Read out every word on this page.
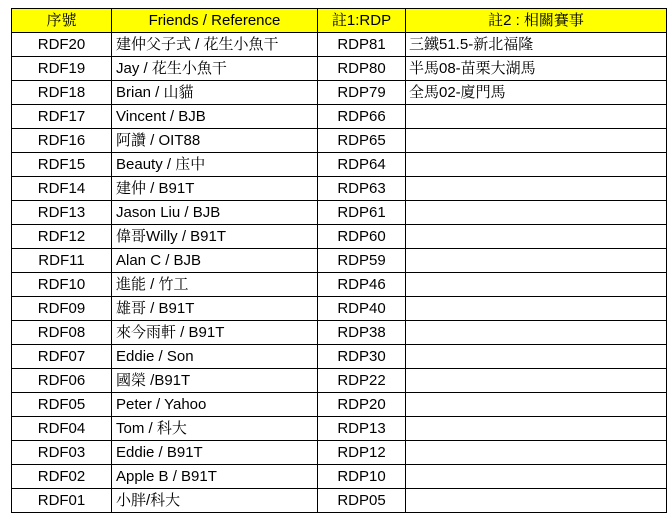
序號	Friends / Reference	註1:RDP	註2 : 相關賽事
RDF20	建仲父子式 / 花生小魚干	RDP81	三鐵51.5-新北福隆
RDF19	Jay / 花生小魚干	RDP80	半馬08-苗栗大湖馬
RDF18	Brian / 山貓	RDP79	全馬02-廈門馬
RDF17	Vincent / BJB	RDP66	
RDF16	阿讚 / OIT88	RDP65	
RDF15	Beauty / 庒中	RDP64	
RDF14	建仲 / B91T	RDP63	
RDF13	Jason Liu / BJB	RDP61	
RDF12	偉哥Willy / B91T	RDP60	
RDF11	Alan C / BJB	RDP59	
RDF10	進能 / 竹工	RDP46	
RDF09	雄哥 / B91T	RDP40	
RDF08	來今雨軒 / B91T	RDP38	
RDF07	Eddie / Son	RDP30	
RDF06	國榮 /B91T	RDP22	
RDF05	Peter / Yahoo	RDP20	
RDF04	Tom / 科大	RDP13	
RDF03	Eddie / B91T	RDP12	
RDF02	Apple B / B91T	RDP10	
RDF01	小胖/科大	RDP05	
